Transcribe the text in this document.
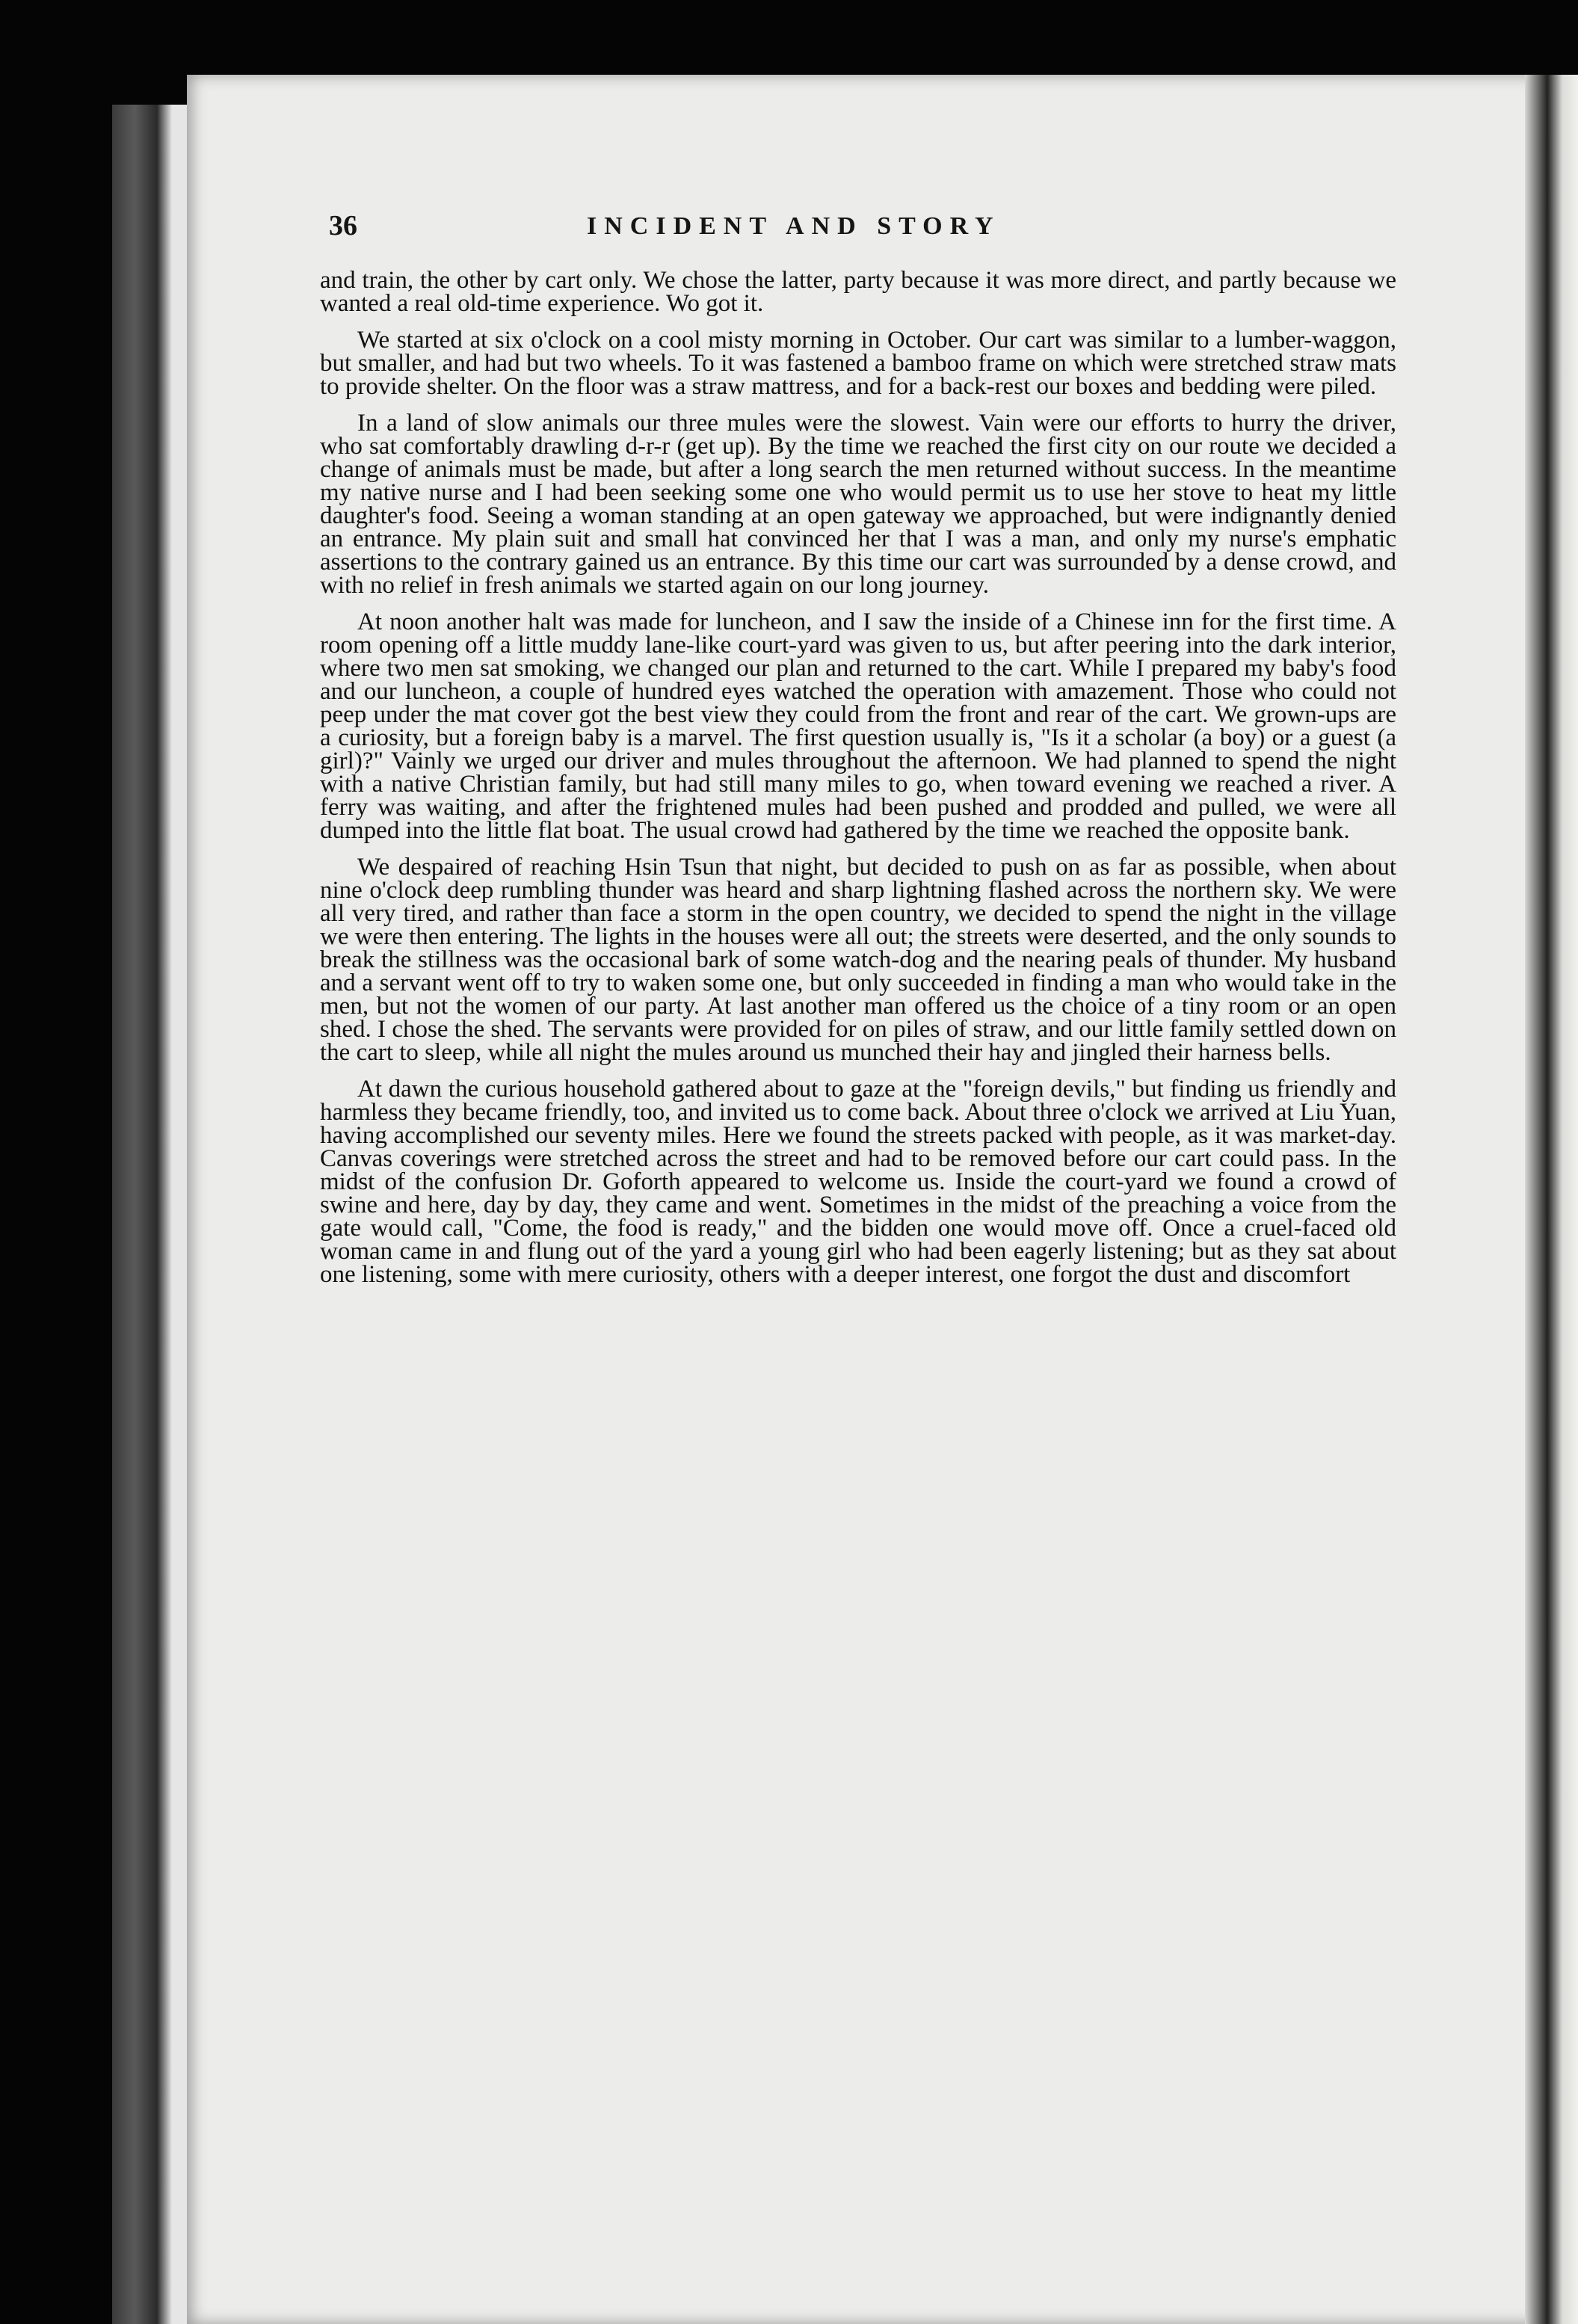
36	INCIDENT AND STORY

and train, the other by cart only. We chose the latter, party because it was more direct, and partly because we wanted a real old-time experience. Wo got it.

We started at six o'clock on a cool misty morning in October. Our cart was similar to a lumber-waggon, but smaller, and had but two wheels. To it was fastened a bamboo frame on which were stretched straw mats to provide shelter. On the floor was a straw mattress, and for a back-rest our boxes and bedding were piled.

In a land of slow animals our three mules were the slowest. Vain were our efforts to hurry the driver, who sat comfortably drawling d-r-r (get up). By the time we reached the first city on our route we decided a change of animals must be made, but after a long search the men returned without success. In the meantime my native nurse and I had been seeking some one who would permit us to use her stove to heat my little daughter's food. Seeing a woman standing at an open gateway we approached, but were indignantly denied an entrance. My plain suit and small hat convinced her that I was a man, and only my nurse's emphatic assertions to the contrary gained us an entrance. By this time our cart was surrounded by a dense crowd, and with no relief in fresh animals we started again on our long journey.

At noon another halt was made for luncheon, and I saw the inside of a Chinese inn for the first time. A room opening off a little muddy lane-like court-yard was given to us, but after peering into the dark interior, where two men sat smoking, we changed our plan and returned to the cart. While I prepared my baby's food and our luncheon, a couple of hundred eyes watched the operation with amazement. Those who could not peep under the mat cover got the best view they could from the front and rear of the cart. We grown-ups are a curiosity, but a foreign baby is a marvel. The first question usually is, "Is it a scholar (a boy) or a guest (a girl)?" Vainly we urged our driver and mules throughout the afternoon. We had planned to spend the night with a native Christian family, but had still many miles to go, when toward evening we reached a river. A ferry was waiting, and after the frightened mules had been pushed and prodded and pulled, we were all dumped into the little flat boat. The usual crowd had gathered by the time we reached the opposite bank.

We despaired of reaching Hsin Tsun that night, but decided to push on as far as possible, when about nine o'clock deep rumbling thunder was heard and sharp lightning flashed across the northern sky. We were all very tired, and rather than face a storm in the open country, we decided to spend the night in the village we were then entering. The lights in the houses were all out; the streets were deserted, and the only sounds to break the stillness was the occasional bark of some watch-dog and the nearing peals of thunder. My husband and a servant went off to try to waken some one, but only succeeded in finding a man who would take in the men, but not the women of our party. At last another man offered us the choice of a tiny room or an open shed. I chose the shed. The servants were provided for on piles of straw, and our little family settled down on the cart to sleep, while all night the mules around us munched their hay and jingled their harness bells.

At dawn the curious household gathered about to gaze at the "foreign devils," but finding us friendly and harmless they became friendly, too, and invited us to come back. About three o'clock we arrived at Liu Yuan, having accomplished our seventy miles. Here we found the streets packed with people, as it was market-day. Canvas coverings were stretched across the street and had to be removed before our cart could pass. In the midst of the confusion Dr. Goforth appeared to welcome us. Inside the court-yard we found a crowd of swine and here, day by day, they came and went. Sometimes in the midst of the preaching a voice from the gate would call, "Come, the food is ready," and the bidden one would move off. Once a cruel-faced old woman came in and flung out of the yard a young girl who had been eagerly listening; but as they sat about one listening, some with mere curiosity, others with a deeper interest, one forgot the dust and discomfort
